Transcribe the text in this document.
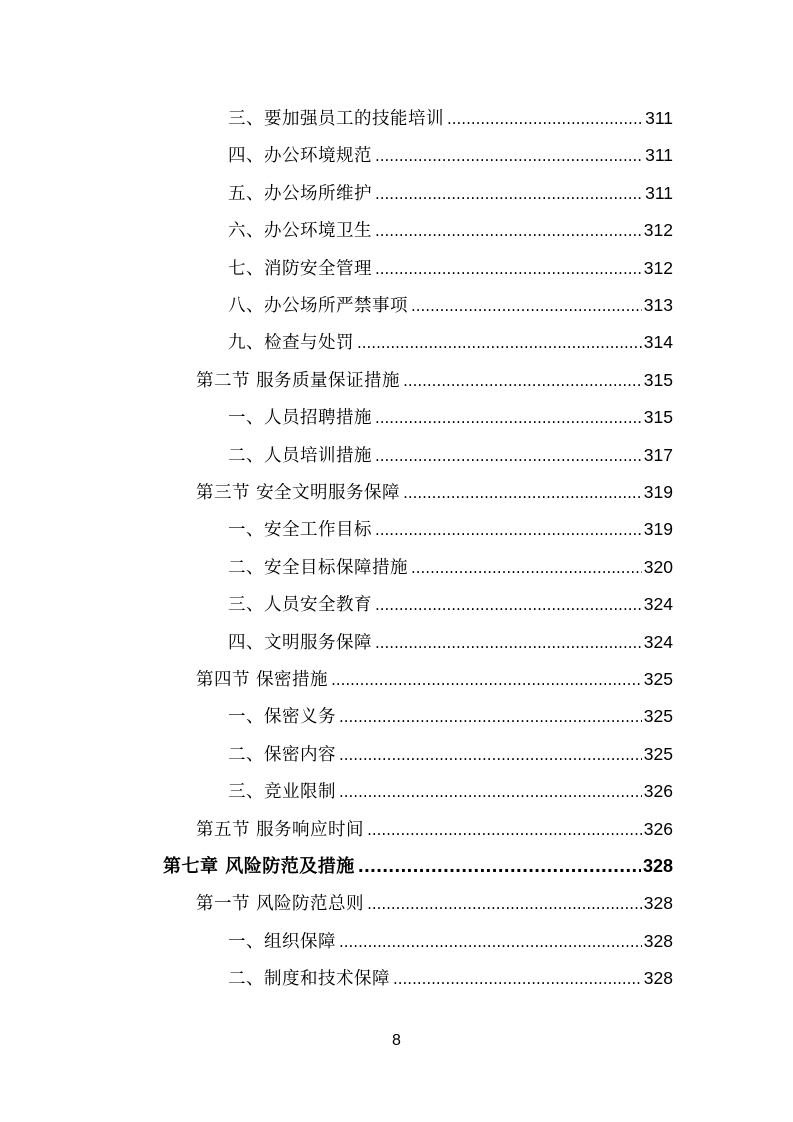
三、要加强员工的技能培训 .....	311
四、办公环境规范 .....	311
五、办公场所维护 .....	311
六、办公环境卫生 .....	312
七、消防安全管理 .....	312
八、办公场所严禁事项 .....	313
九、检查与处罚 .....	314
第二节 服务质量保证措施 .....	315
一、人员招聘措施 .....	315
二、人员培训措施 .....	317
第三节 安全文明服务保障 .....	319
一、安全工作目标 .....	319
二、安全目标保障措施 .....	320
三、人员安全教育 .....	324
四、文明服务保障 .....	324
第四节 保密措施 .....	325
一、保密义务 .....	325
二、保密内容 .....	325
三、竞业限制 .....	326
第五节 服务响应时间 .....	326
第七章 风险防范及措施 .....	328
第一节 风险防范总则 .....	328
一、组织保障 .....	328
二、制度和技术保障 .....	328
8
